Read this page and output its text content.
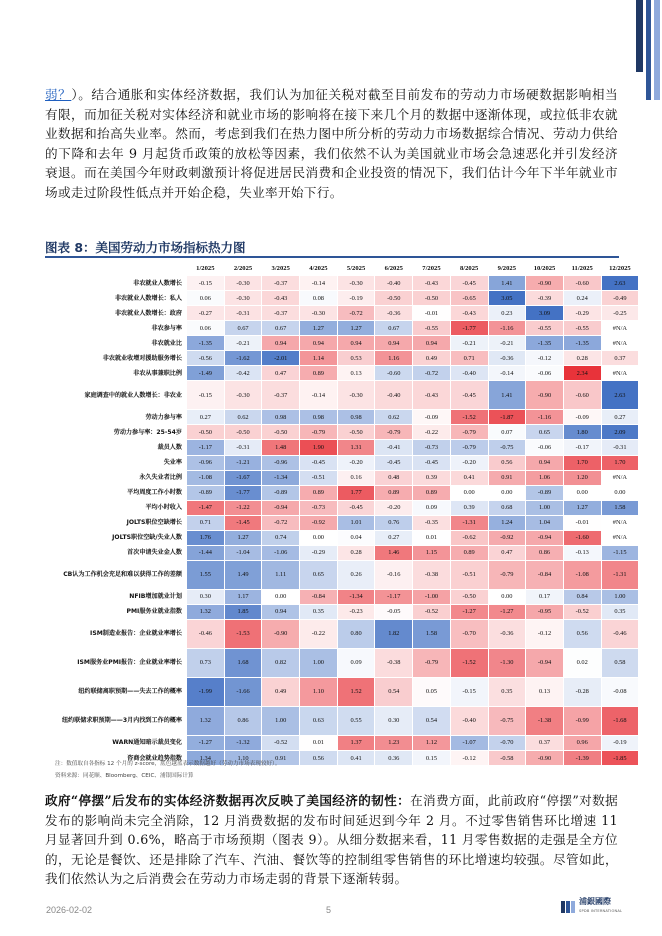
弱？）。结合通胀和实体经济数据，我们认为加征关税对截至目前发布的劳动力市场硬数据影响相当有限，而加征关税对实体经济和就业市场的影响将在接下来几个月的数据中逐渐体现，或拉低非农就业数据和抬高失业率。然而，考虑到我们在热力图中所分析的劳动力市场数据综合情况、劳动力供给的下降和去年 9 月起货币政策的放松等因素，我们依然不认为美国就业市场会急速恶化并引发经济衰退。而在美国今年财政刺激预计将促进居民消费和企业投资的情况下，我们估计今年下半年就业市场或走过阶段性低点并开始企稳，失业率开始下行。

图表 8：美国劳动力市场指标热力图
	1/2025	2/2025	3/2025	4/2025	5/2025	6/2025	7/2025	8/2025	9/2025	10/2025	11/2025	12/2025
非农就业人数增长	-0.15	-0.30	-0.37	-0.14	-0.30	-0.40	-0.43	-0.45	1.41	-0.90	-0.60	2.63
非农就业人数增长：私人	0.06	-0.30	-0.43	0.08	-0.19	-0.50	-0.50	-0.65	3.05	-0.39	0.24	-0.49
非农就业人数增长：政府	-0.27	-0.31	-0.37	-0.30	-0.72	-0.36	-0.01	-0.43	0.23	3.09	-0.29	-0.25
非农参与率	0.06	0.67	0.67	1.27	1.27	0.67	-0.55	-1.77	-1.16	-0.55	-0.55	#N/A
非农就业比	-1.35	-0.21	0.94	0.94	0.94	0.94	0.94	-0.21	-0.21	-1.35	-1.35	#N/A
非农就业收增对援助服务增长	-0.56	-1.62	-2.01	1.14	0.53	1.16	0.49	0.71	-0.36	-0.12	0.28	0.37
非农从事兼职比例	-1.49	-0.42	0.47	0.89	0.13	-0.60	-0.72	-0.40	-0.14	-0.06	2.34	#N/A
家庭调查中的就业人数增长：非农业	-0.15	-0.30	-0.37	-0.14	-0.30	-0.40	-0.43	-0.45	1.41	-0.90	-0.60	2.63
劳动力参与率	0.27	0.62	0.98	0.98	0.98	0.62	-0.09	-1.52	-1.87	-1.16	-0.09	0.27
劳动力参与率：25-54岁	-0.50	-0.50	-0.50	-0.79	-0.50	-0.79	-0.22	-0.79	0.07	0.65	1.80	2.09
裁员人数	-1.17	-0.31	1.48	1.90	1.31	-0.41	-0.73	-0.79	-0.75	-0.06	-0.17	-0.31
失业率	-0.96	-1.21	-0.96	-0.45	-0.20	-0.45	-0.45	-0.20	0.56	0.94	1.70	1.70
永久失业者比例	-1.08	-1.67	-1.34	-0.51	0.16	0.48	0.39	0.41	0.91	1.06	1.20	#N/A
平均周度工作小时数	-0.89	-1.77	-0.89	0.89	1.77	0.89	0.89	0.00	0.00	-0.89	0.00	0.00
平均小时收入	-1.47	-1.22	-0.94	-0.73	-0.45	-0.20	0.09	0.39	0.68	1.00	1.27	1.58
JOLTS职位空缺增长	0.71	-1.45	-0.72	-0.92	1.01	0.76	-0.35	-1.31	1.24	1.04	-0.01	#N/A
JOLTS职位空缺/失业人数	1.76	1.27	0.74	0.00	0.04	0.27	0.01	-0.62	-0.92	-0.94	-1.60	#N/A
首次申请失业金人数	-1.44	-1.04	-1.06	-0.29	0.28	1.46	1.15	0.89	0.47	0.86	-0.13	-1.15
CB认为工作机会充足和难以获得工作的差额	1.55	1.49	1.11	0.65	0.26	-0.16	-0.38	-0.51	-0.79	-0.84	-1.08	-1.31
NFIB增加就业计划	0.30	1.17	0.00	-0.84	-1.34	-1.17	-1.00	-0.50	0.00	0.17	0.84	1.00
PMI服务业就业指数	1.32	1.85	0.94	0.35	-0.23	-0.05	-0.52	-1.27	-1.27	-0.95	-0.52	0.35
ISM制造业报告：企业就业率增长	-0.46	-1.53	-0.90	-0.22	0.80	1.82	1.58	-0.70	-0.36	-0.12	0.56	-0.46
ISM服务业PMI报告：企业就业率增长	0.73	1.68	0.82	1.00	0.09	-0.38	-0.79	-1.52	-1.30	-0.94	0.02	0.58
纽约联储离职预期——失去工作的概率	-1.99	-1.66	0.49	1.10	1.52	0.54	0.05	-0.15	0.35	0.13	-0.28	-0.08
纽约联储求职预期——3月内找到工作的概率	1.32	0.86	1.00	0.63	0.55	0.30	0.54	-0.40	-0.75	-1.38	-0.99	-1.68
WARN通知暗示裁员变化	-1.27	-1.32	-0.52	0.01	1.37	1.23	1.12	-1.07	-0.70	0.37	0.96	-0.19
咨商会就业趋势指数	1.34	1.10	0.91	0.56	0.41	0.36	0.15	-0.12	-0.58	-0.90	-1.39	-1.85
注：数值取自各指标 12 个月的 z-score，底色越蓝表示数据越好（劳动力市场表现较好）。
资料来源：同花顺、Bloomberg、CEIC、浦银国际计算

政府“停摆”后发布的实体经济数据再次反映了美国经济的韧性：在消费方面，此前政府“停摆”对数据发布的影响尚未完全消除，12 月消费数据的发布时间延迟到今年 2 月。不过零售销售环比增速 11 月显著回升到 0.6%，略高于市场预期（图表 9）。从细分数据来看，11 月零售数据的走强是全方位的，无论是餐饮、还是排除了汽车、汽油、餐饮等的控制组零售销售的环比增速均较强。尽管如此，我们依然认为之后消费会在劳动力市场走弱的背景下逐渐转弱。

2026-02-02	5
浦銀國際
SPDB INTERNATIONAL
